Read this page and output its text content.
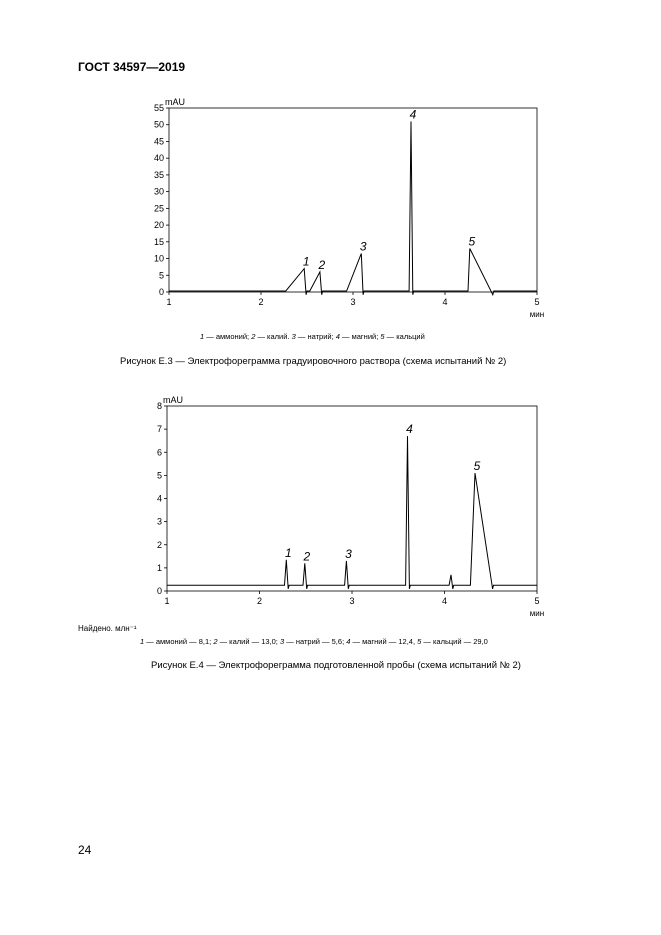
ГОСТ 34597—2019
0
5
10
15
20
25
30
35
40
45
50
55
1	2	3	4	5
mAU
мин
1 2
3
4
5
1 — аммоний; 2 — калий. 3 — натрий; 4 — магний; 5 — кальций
Рисунок Е.3 — Электрофореграмма градуировочного раствора (схема испытаний № 2)
0
1
2
3
4
5
6
7
8
1	2	3	4	5
mAU
мин
1 2	3
4
5
Найдено. млн⁻¹
1 — аммоний — 8,1; 2 — калий — 13,0; 3 — натрий — 5,6; 4 — магний — 12,4, 5 — кальций — 29,0
Рисунок Е.4 — Электрофореграмма подготовленной пробы (схема испытаний № 2)
24
